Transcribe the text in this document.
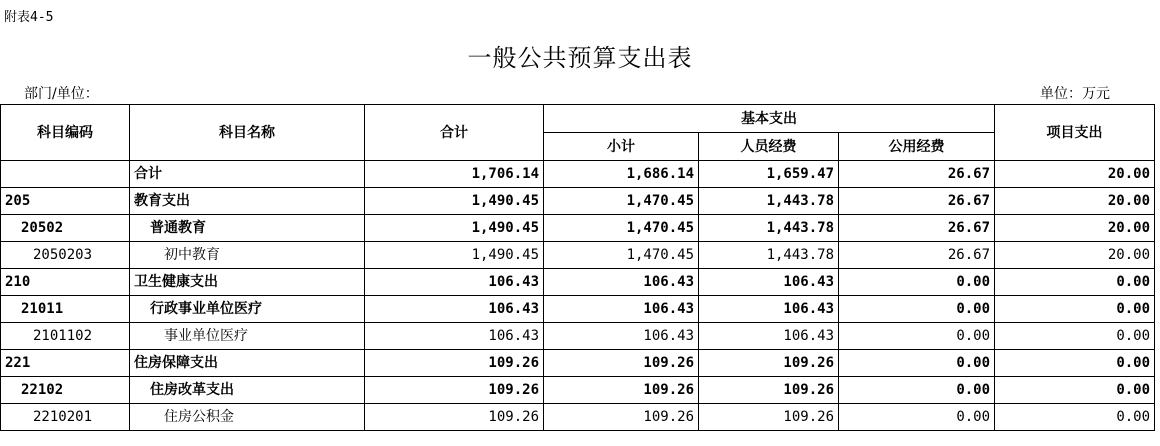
附表4-5
一般公共预算支出表
部门/单位：	单位：万元
科目编码	科目名称	合计	基本支出			项目支出
			小计	人员经费	公用经费	
	合计	1,706.14	1,686.14	1,659.47	26.67	20.00
205	教育支出	1,490.45	1,470.45	1,443.78	26.67	20.00
20502	普通教育	1,490.45	1,470.45	1,443.78	26.67	20.00
2050203	初中教育	1,490.45	1,470.45	1,443.78	26.67	20.00
210	卫生健康支出	106.43	106.43	106.43	0.00	0.00
21011	行政事业单位医疗	106.43	106.43	106.43	0.00	0.00
2101102	事业单位医疗	106.43	106.43	106.43	0.00	0.00
221	住房保障支出	109.26	109.26	109.26	0.00	0.00
22102	住房改革支出	109.26	109.26	109.26	0.00	0.00
2210201	住房公积金	109.26	109.26	109.26	0.00	0.00
